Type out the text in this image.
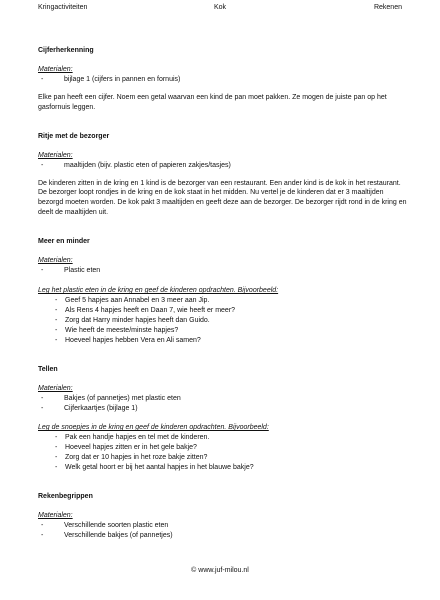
Kringactiviteiten	Kok	Rekenen

Cijferherkenning

Materialen:

- bijlage 1 (cijfers in pannen en fornuis)

Elke pan heeft een cijfer. Noem een getal waarvan een kind de pan moet pakken. Ze mogen de juiste pan op het gasfornuis leggen.

Ritje met de bezorger

Materialen:

- maaltijden (bijv. plastic eten of papieren zakjes/tasjes)

De kinderen zitten in de kring en 1 kind is de bezorger van een restaurant. Een ander kind is de kok in het restaurant. De bezorger loopt rondjes in de kring en de kok staat in het midden. Nu vertel je de kinderen dat er 3 maaltijden bezorgd moeten worden. De kok pakt 3 maaltijden en geeft deze aan de bezorger. De bezorger rijdt rond in de kring en deelt de maaltijden uit.

Meer en minder

Materialen:

- Plastic eten

Leg het plastic eten in de kring en geef de kinderen opdrachten. Bijvoorbeeld:

- Geef 5 hapjes aan Annabel en 3 meer aan Jip.
- Als Rens 4 hapjes heeft en Daan 7, wie heeft er meer?
- Zorg dat Harry minder hapjes heeft dan Guido.
- Wie heeft de meeste/minste hapjes?
- Hoeveel hapjes hebben Vera en Ali samen?

Tellen

Materialen:

- Bakjes (of pannetjes) met plastic eten
- Cijferkaartjes (bijlage 1)

Leg de snoepjes in de kring en geef de kinderen opdrachten. Bijvoorbeeld:

- Pak een handje hapjes en tel met de kinderen.
- Hoeveel hapjes zitten er in het gele bakje?
- Zorg dat er 10 hapjes in het roze bakje zitten?
- Welk getal hoort er bij het aantal hapjes in het blauwe bakje?

Rekenbegrippen

Materialen:

- Verschillende soorten plastic eten
- Verschillende bakjes (of pannetjes)
© www.juf-milou.nl
